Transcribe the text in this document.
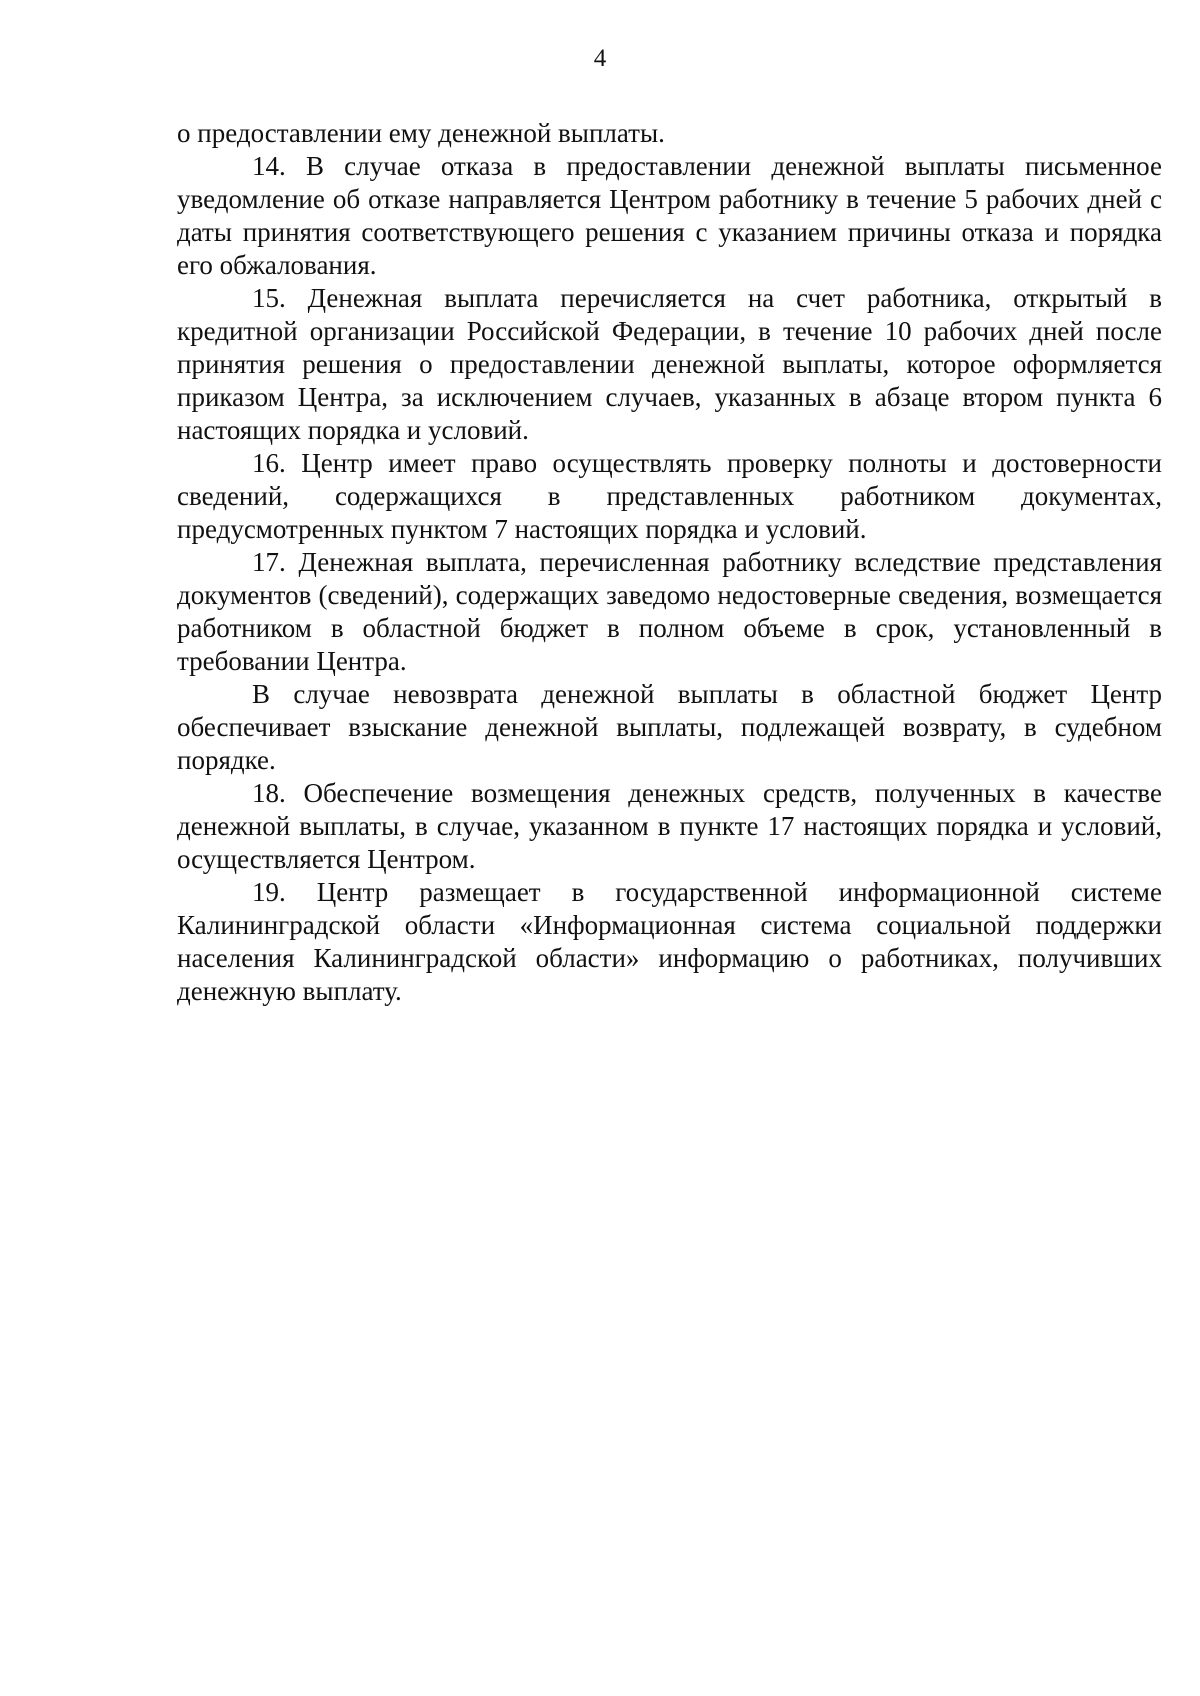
4

о предоставлении ему денежной выплаты.

14. В случае отказа в предоставлении денежной выплаты письменное уведомление об отказе направляется Центром работнику в течение 5 рабочих дней с даты принятия соответствующего решения с указанием причины отказа и порядка его обжалования.

15. Денежная выплата перечисляется на счет работника, открытый в кредитной организации Российской Федерации, в течение 10 рабочих дней после принятия решения о предоставлении денежной выплаты, которое оформляется приказом Центра, за исключением случаев, указанных в абзаце втором пункта 6 настоящих порядка и условий.

16. Центр имеет право осуществлять проверку полноты и достоверности сведений, содержащихся в представленных работником документах, предусмотренных пунктом 7 настоящих порядка и условий.

17. Денежная выплата, перечисленная работнику вследствие представления документов (сведений), содержащих заведомо недостоверные сведения, возмещается работником в областной бюджет в полном объеме в срок, установленный в требовании Центра.

В случае невозврата денежной выплаты в областной бюджет Центр обеспечивает взыскание денежной выплаты, подлежащей возврату, в судебном порядке.

18. Обеспечение возмещения денежных средств, полученных в качестве денежной выплаты, в случае, указанном в пункте 17 настоящих порядка и условий, осуществляется Центром.

19. Центр размещает в государственной информационной системе Калининградской области «Информационная система социальной поддержки населения Калининградской области» информацию о работниках, получивших денежную выплату.
